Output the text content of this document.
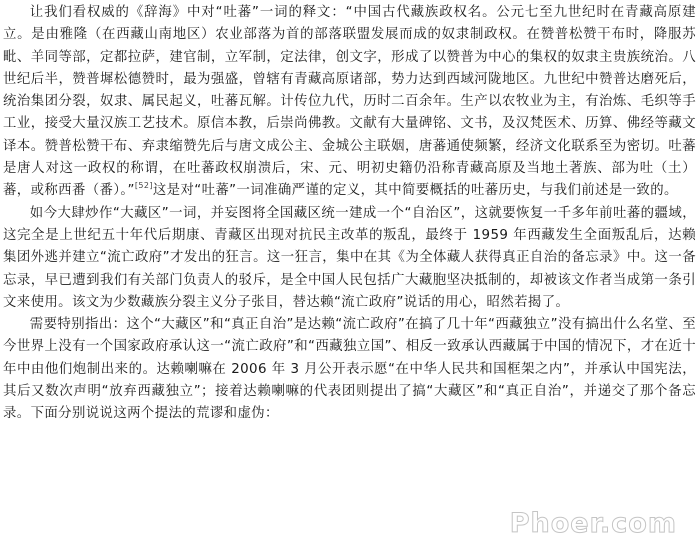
让我们看权威的《辞海》中对“吐蕃”一词的释文：“中国古代藏族政权名。公元七至九世纪时在青藏高原建立。是由雅隆（在西藏山南地区）农业部落为首的部落联盟发展而成的奴隶制政权。在赞普松赞干布时，降服苏毗、羊同等部，定都拉萨，建官制，立军制，定法律，创文字，形成了以赞普为中心的集权的奴隶主贵族统治。八世纪后半，赞普墀松德赞时，最为强盛，曾辖有青藏高原诸部，势力达到西域河陇地区。九世纪中赞普达磨死后，统治集团分裂，奴隶、属民起义，吐蕃瓦解。计传位九代，历时二百余年。生产以农牧业为主，有治炼、毛织等手工业，接受大量汉族工艺技术。原信本教，后崇尚佛教。文献有大量碑铭、文书，及汉梵医术、历算、佛经等藏文译本。赞普松赞干布、弃隶缩赞先后与唐文成公主、金城公主联姻，唐蕃通使频繁，经济文化联系至为密切。吐蕃是唐人对这一政权的称谓，在吐蕃政权崩溃后，宋、元、明初史籍仍沿称青藏高原及当地土著族、部为吐（土）蕃，或称西番（番）。”[52]这是对“吐蕃”一词准确严谨的定义，其中简要概括的吐蕃历史，与我们前述是一致的。

如今大肆炒作“大藏区”一词，并妄图将全国藏区统一建成一个“自治区”，这就要恢复一千多年前吐蕃的疆域，这完全是上世纪五十年代后期康、青藏区出现对抗民主改革的叛乱，最终于 1959 年西藏发生全面叛乱后，达赖集团外逃并建立“流亡政府”才发出的狂言。这一狂言，集中在其《为全体藏人获得真正自治的备忘录》中。这一备忘录，早已遭到我们有关部门负责人的驳斥，是全中国人民包括广大藏胞坚决抵制的，却被该文作者当成第一条引文来使用。该文为少数藏族分裂主义分子张目，替达赖“流亡政府”说话的用心，昭然若揭了。

需要特别指出：这个“大藏区”和“真正自治”是达赖“流亡政府”在搞了几十年“西藏独立”没有搞出什么名堂、至今世界上没有一个国家政府承认这一“流亡政府”和“西藏独立国”、相反一致承认西藏属于中国的情况下，才在近十年中由他们炮制出来的。达赖喇嘛在 2006 年 3 月公开表示愿“在中华人民共和国框架之内”，并承认中国宪法，其后又数次声明“放弃西藏独立”；接着达赖喇嘛的代表团则提出了搞“大藏区”和“真正自治”，并递交了那个备忘录。下面分别说说这两个提法的荒谬和虚伪：

Phoer.com
